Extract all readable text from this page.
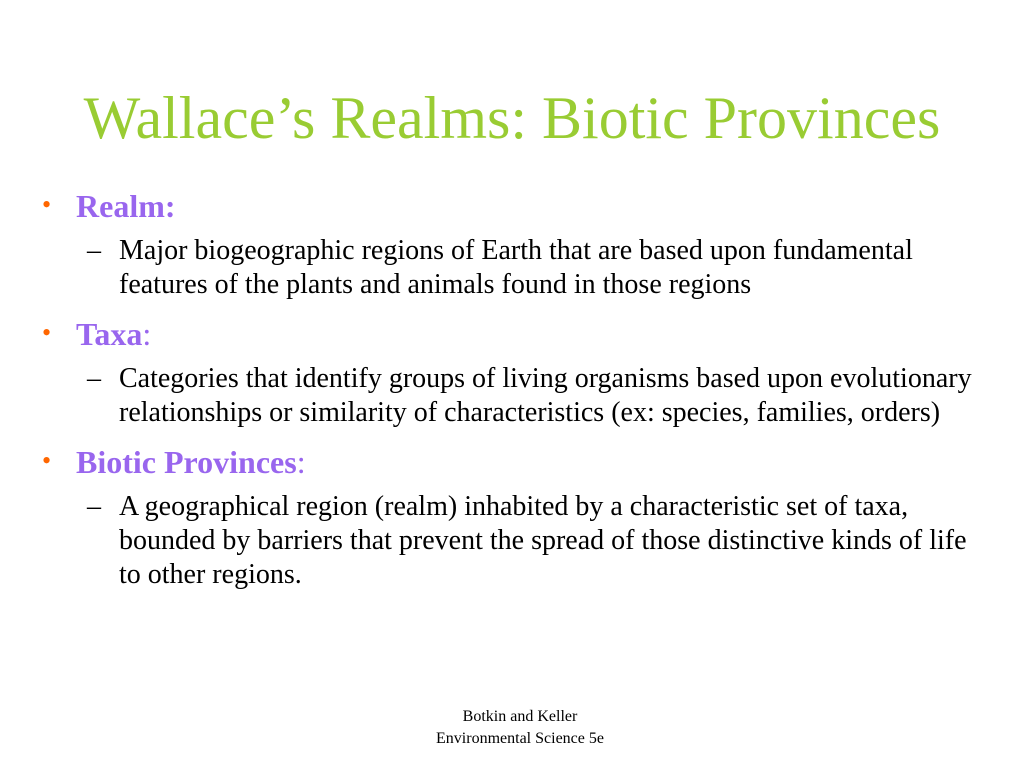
Wallace’s Realms: Biotic Provinces
• Realm:
– Major biogeographic regions of Earth that are based upon fundamental features of the plants and animals found in those regions
• Taxa:
– Categories that identify groups of living organisms based upon evolutionary relationships or similarity of characteristics (ex: species, families, orders)
• Biotic Provinces:
– A geographical region (realm) inhabited by a characteristic set of taxa, bounded by barriers that prevent the spread of those distinctive kinds of life to other regions.
Botkin and Keller
Environmental Science 5e
